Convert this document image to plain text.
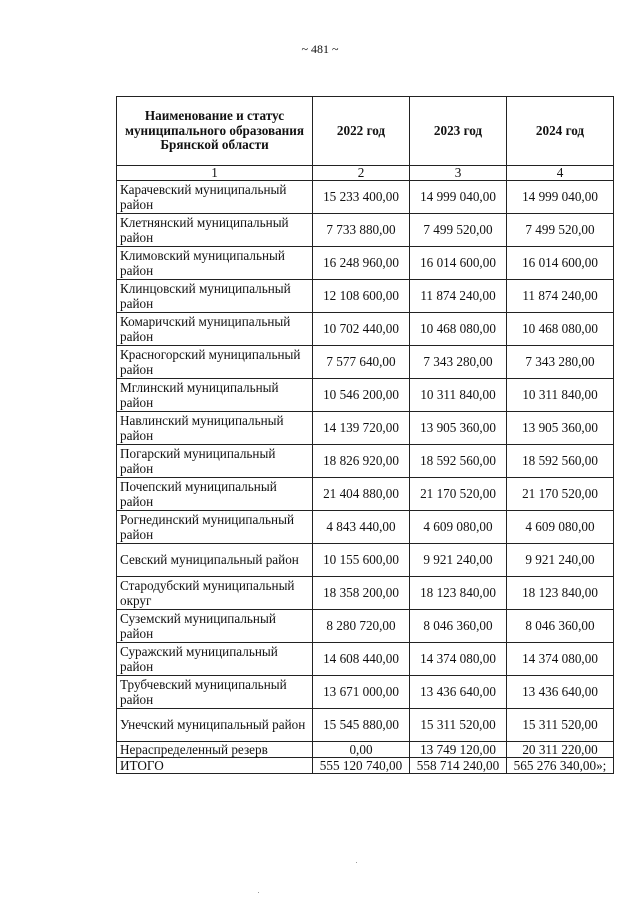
~ 481 ~
Наименование и статус муниципального образования Брянской области	2022 год	2023 год	2024 год
1	2	3	4
Карачевский муниципальный район	15 233 400,00	14 999 040,00	14 999 040,00
Клетнянский муниципальный район	7 733 880,00	7 499 520,00	7 499 520,00
Климовский муниципальный район	16 248 960,00	16 014 600,00	16 014 600,00
Клинцовский муниципальный район	12 108 600,00	11 874 240,00	11 874 240,00
Комаричский муниципальный район	10 702 440,00	10 468 080,00	10 468 080,00
Красногорский муниципальный район	7 577 640,00	7 343 280,00	7 343 280,00
Мглинский муниципальный район	10 546 200,00	10 311 840,00	10 311 840,00
Навлинский муниципальный район	14 139 720,00	13 905 360,00	13 905 360,00
Погарский муниципальный район	18 826 920,00	18 592 560,00	18 592 560,00
Почепский муниципальный район	21 404 880,00	21 170 520,00	21 170 520,00
Рогнединский муниципальный район	4 843 440,00	4 609 080,00	4 609 080,00
Севский муниципальный район	10 155 600,00	9 921 240,00	9 921 240,00
Стародубский муниципальный округ	18 358 200,00	18 123 840,00	18 123 840,00
Суземский муниципальный район	8 280 720,00	8 046 360,00	8 046 360,00
Суражский муниципальный район	14 608 440,00	14 374 080,00	14 374 080,00
Трубчевский муниципальный район	13 671 000,00	13 436 640,00	13 436 640,00
Унечский муниципальный район	15 545 880,00	15 311 520,00	15 311 520,00
Нераспределенный резерв	0,00	13 749 120,00	20 311 220,00
ИТОГО	555 120 740,00	558 714 240,00	565 276 340,00»;
